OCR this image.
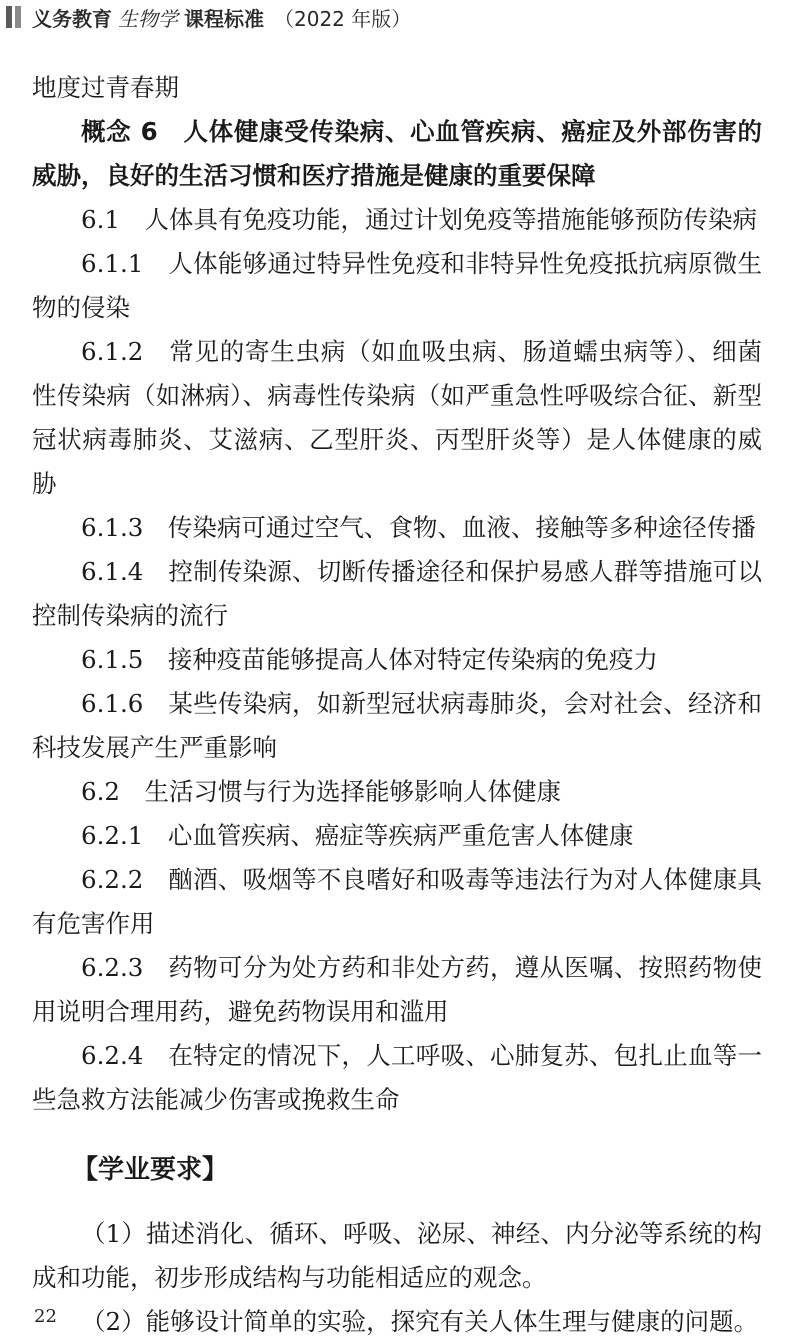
义务教育 生物学 课程标准 （2022 年版）

地度过青春期

概念 6　人体健康受传染病、心血管疾病、癌症及外部伤害的威胁，良好的生活习惯和医疗措施是健康的重要保障

6.1　人体具有免疫功能，通过计划免疫等措施能够预防传染病

6.1.1　人体能够通过特异性免疫和非特异性免疫抵抗病原微生物的侵染

6.1.2　常见的寄生虫病（如血吸虫病、肠道蠕虫病等）、细菌性传染病（如淋病）、病毒性传染病（如严重急性呼吸综合征、新型冠状病毒肺炎、艾滋病、乙型肝炎、丙型肝炎等）是人体健康的威胁

6.1.3　传染病可通过空气、食物、血液、接触等多种途径传播

6.1.4　控制传染源、切断传播途径和保护易感人群等措施可以控制传染病的流行

6.1.5　接种疫苗能够提高人体对特定传染病的免疫力

6.1.6　某些传染病，如新型冠状病毒肺炎，会对社会、经济和科技发展产生严重影响

6.2　生活习惯与行为选择能够影响人体健康

6.2.1　心血管疾病、癌症等疾病严重危害人体健康

6.2.2　酗酒、吸烟等不良嗜好和吸毒等违法行为对人体健康具有危害作用

6.2.3　药物可分为处方药和非处方药，遵从医嘱、按照药物使用说明合理用药，避免药物误用和滥用

6.2.4　在特定的情况下，人工呼吸、心肺复苏、包扎止血等一些急救方法能减少伤害或挽救生命

【学业要求】

（1）描述消化、循环、呼吸、泌尿、神经、内分泌等系统的构成和功能，初步形成结构与功能相适应的观念。

（2）能够设计简单的实验，探究有关人体生理与健康的问题。

22
